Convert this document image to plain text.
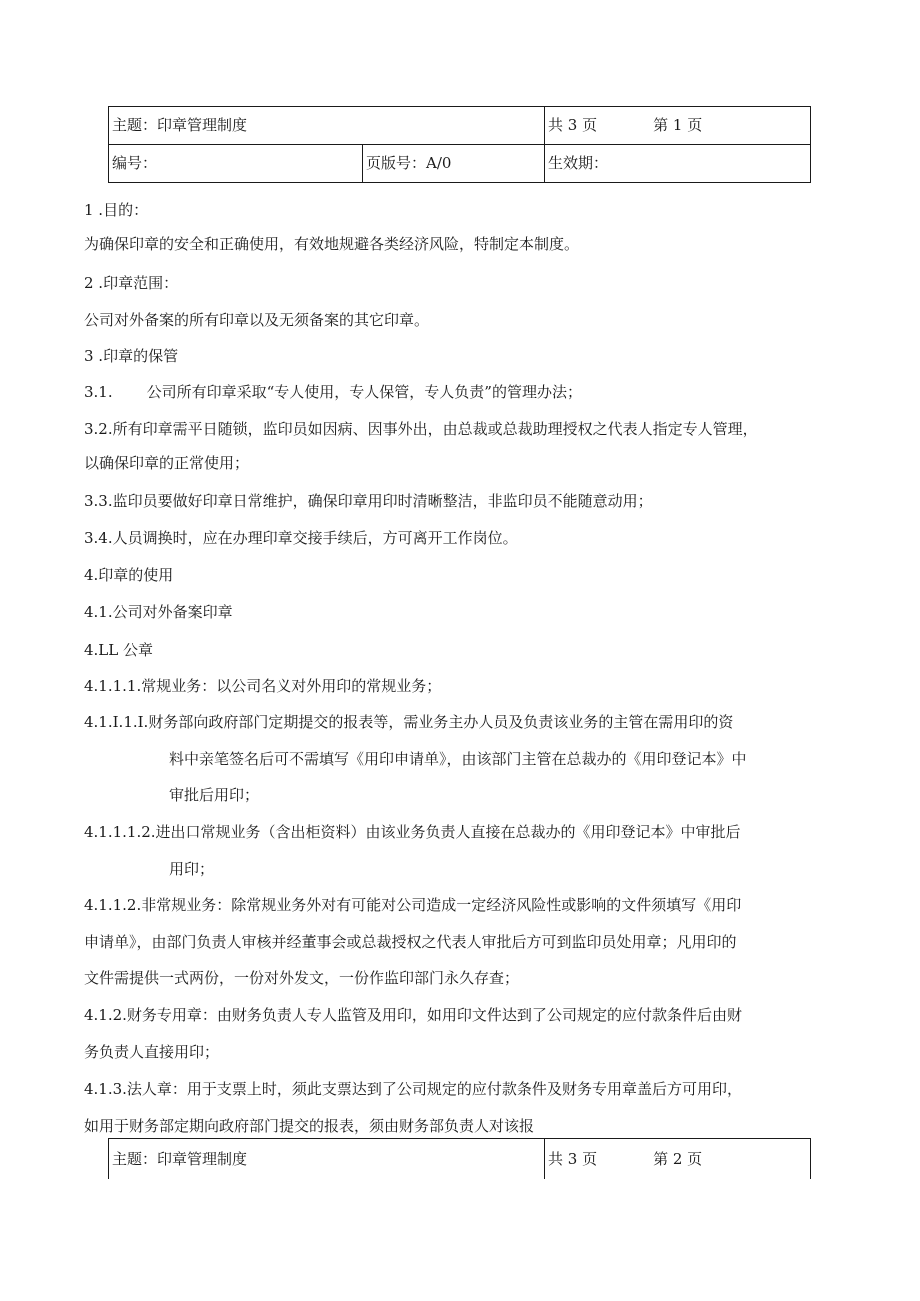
主题：印章管理制度		共 3 页 第 1 页
编号：	页版号：A/0	生效期：
1 .目的：
为确保印章的安全和正确使用，有效地规避各类经济风险，特制定本制度。
2 .印章范围：
公司对外备案的所有印章以及无须备案的其它印章。
3 .印章的保管
3.1. 公司所有印章采取“专人使用，专人保管，专人负责”的管理办法；
3.2.所有印章需平日随锁，监印员如因病、因事外出，由总裁或总裁助理授权之代表人指定专人管理，
以确保印章的正常使用；
3.3.监印员要做好印章日常维护，确保印章用印时清晰整洁，非监印员不能随意动用；
3.4.人员调换时，应在办理印章交接手续后，方可离开工作岗位。
4.印章的使用
4.1.公司对外备案印章
4.LL 公章
4.1.1.1.常规业务：以公司名义对外用印的常规业务；
4.1.I.1.I.财务部向政府部门定期提交的报表等，需业务主办人员及负责该业务的主管在需用印的资
料中亲笔签名后可不需填写《用印申请单》，由该部门主管在总裁办的《用印登记本》中
审批后用印；
4.1.1.1.2.进出口常规业务（含出柜资料）由该业务负责人直接在总裁办的《用印登记本》中审批后
用印；
4.1.1.2.非常规业务：除常规业务外对有可能对公司造成一定经济风险性或影响的文件须填写《用印
申请单》，由部门负责人审核并经董事会或总裁授权之代表人审批后方可到监印员处用章；凡用印的
文件需提供一式两份，一份对外发文，一份作监印部门永久存查；
4.1.2.财务专用章：由财务负责人专人监管及用印，如用印文件达到了公司规定的应付款条件后由财
务负责人直接用印；
4.1.3.法人章：用于支票上时，须此支票达到了公司规定的应付款条件及财务专用章盖后方可用印，
如用于财务部定期向政府部门提交的报表，须由财务部负责人对该报
主题：印章管理制度	共 3 页	第 2 页
